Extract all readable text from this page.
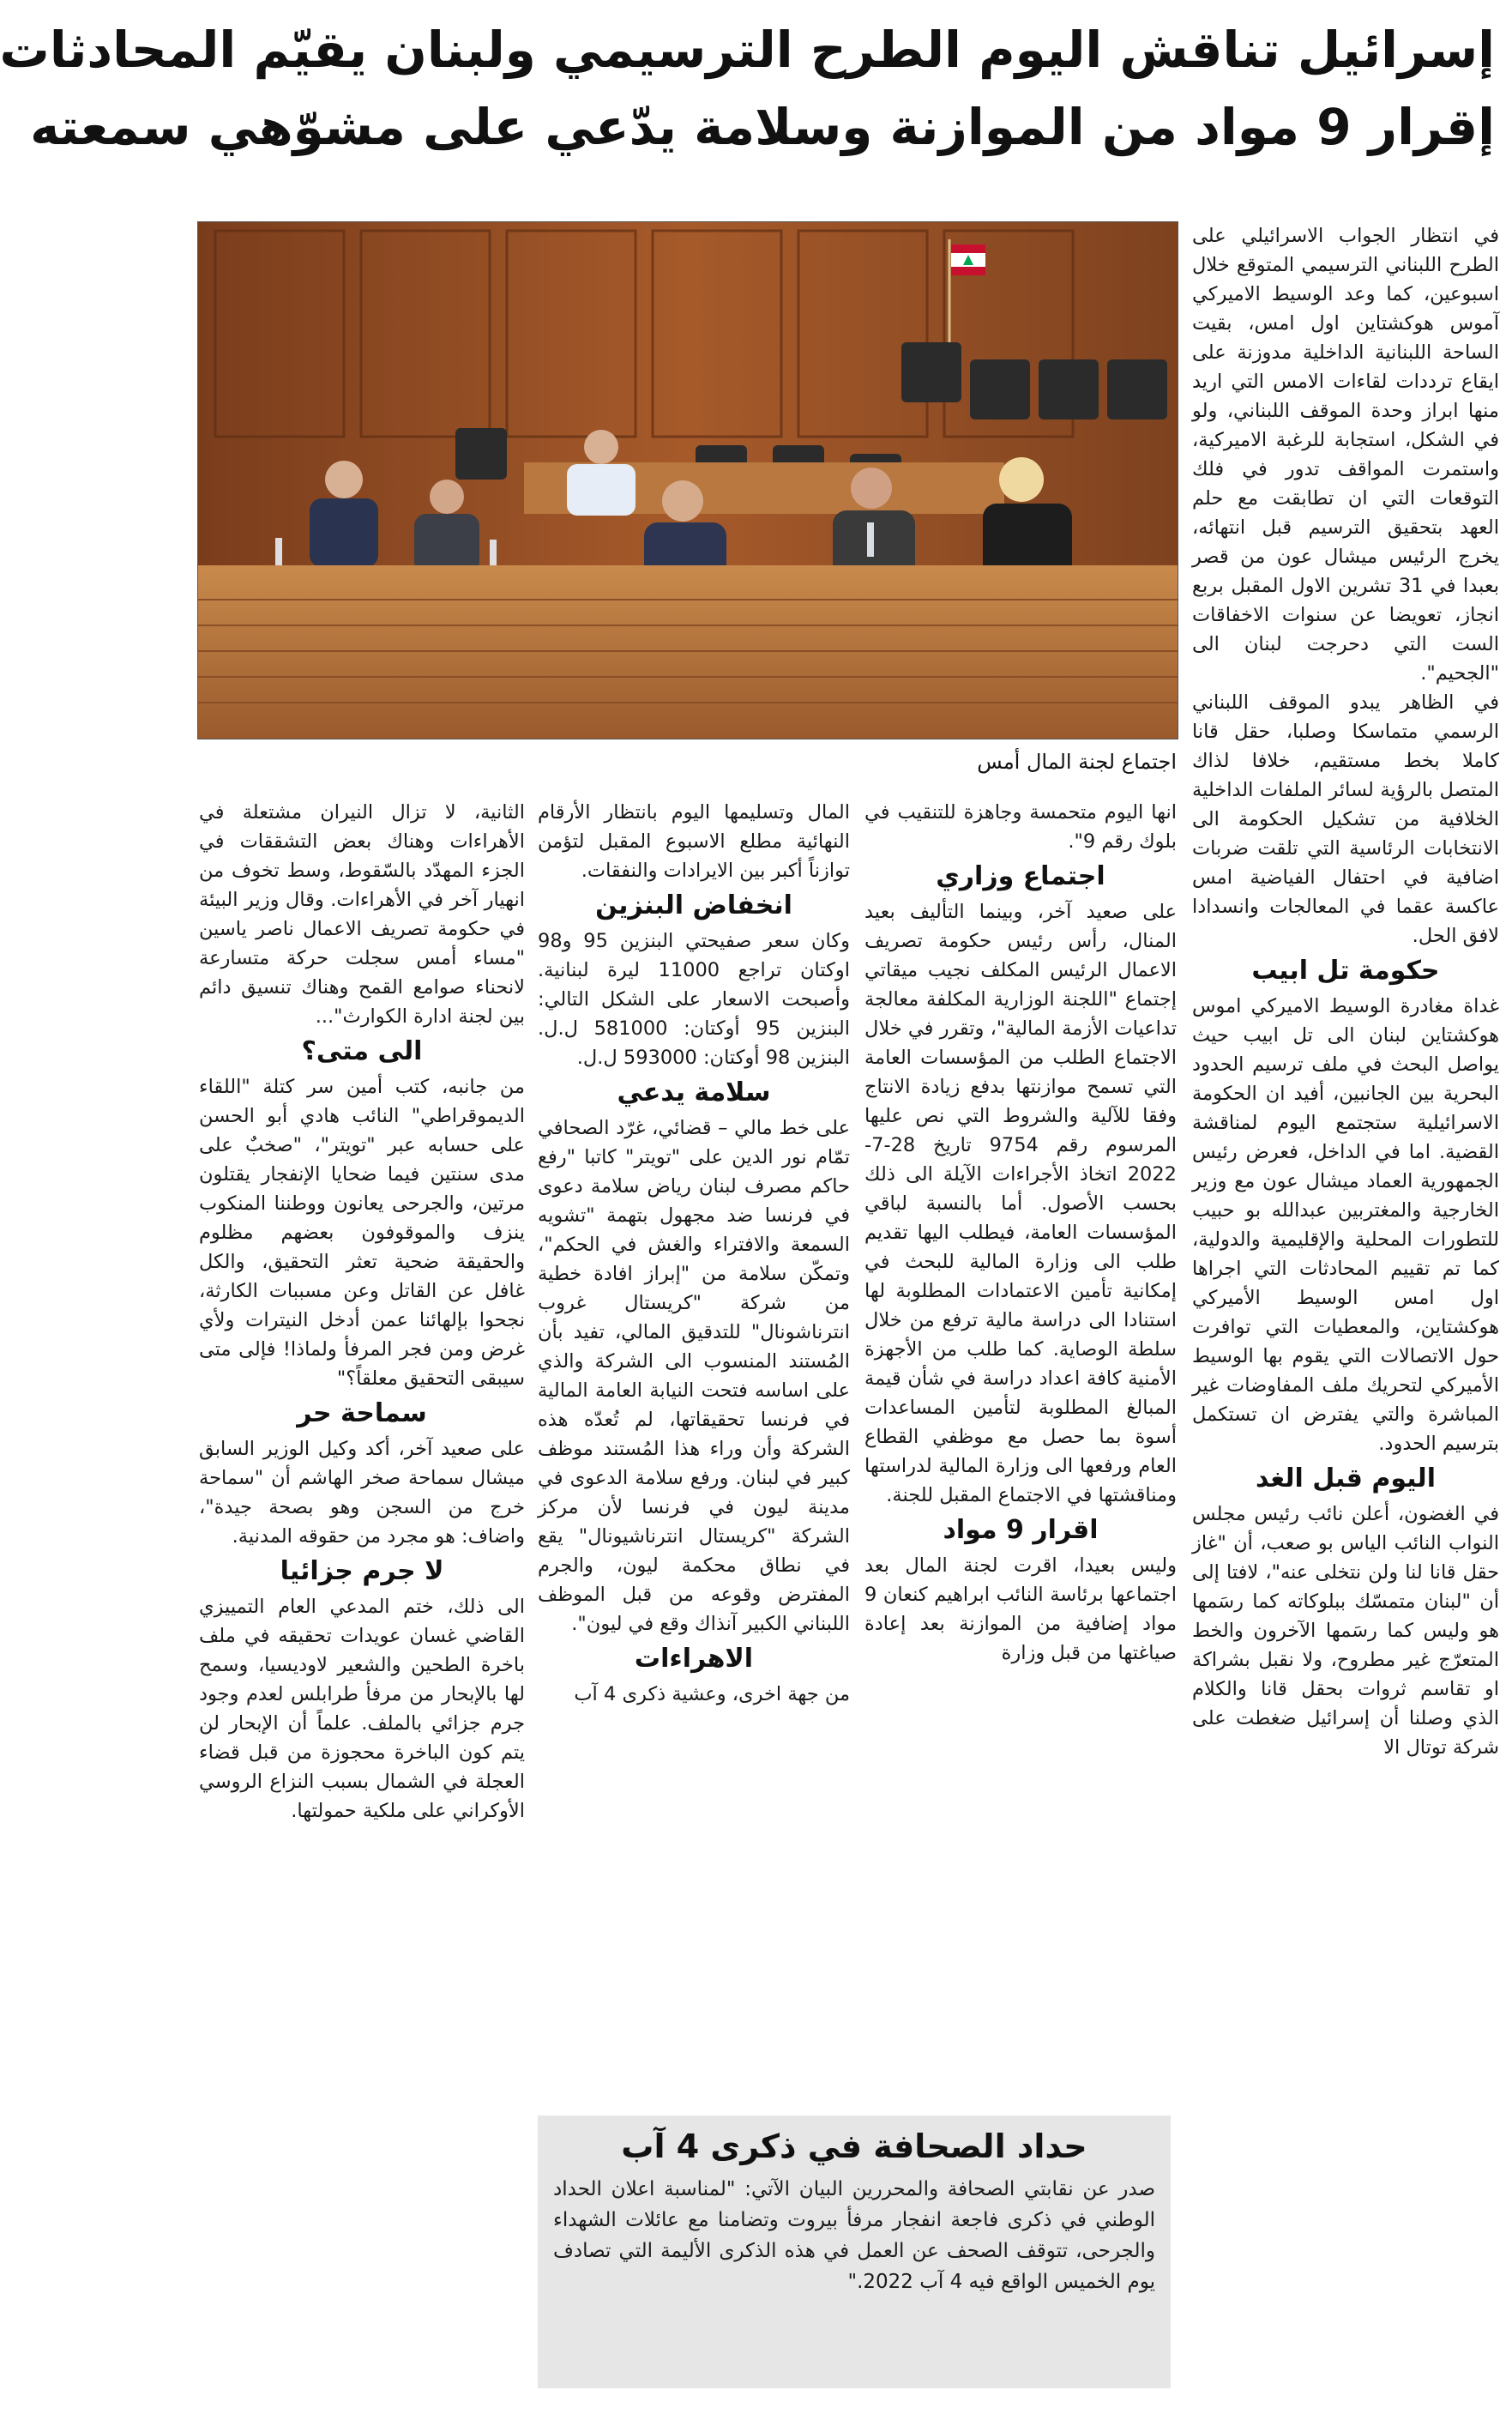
إسرائيل تناقش اليوم الطرح الترسيمي ولبنان يقيّم المحادثات
إقرار 9 مواد من الموازنة وسلامة يدّعي على مشوّهي سمعته
اجتماع لجنة المال أمس

في انتظار الجواب الاسرائيلي على الطرح اللبناني الترسيمي المتوقع خلال اسبوعين، كما وعد الوسيط الاميركي آموس هوكشتاين اول امس، بقيت الساحة اللبنانية الداخلية مدوزنة على ايقاع ترددات لقاءات الامس التي اريد منها ابراز وحدة الموقف اللبناني، ولو في الشكل، استجابة للرغبة الاميركية، واستمرت المواقف تدور في فلك التوقعات التي ان تطابقت مع حلم العهد بتحقيق الترسيم قبل انتهائه، يخرج الرئيس ميشال عون من قصر بعبدا في 31 تشرين الاول المقبل بربع انجاز، تعويضا عن سنوات الاخفاقات الست التي دحرجت لبنان الى "الجحيم".

في الظاهر يبدو الموقف اللبناني الرسمي متماسكا وصلبا، حقل قانا كاملا بخط مستقيم، خلافا لذاك المتصل بالرؤية لسائر الملفات الداخلية الخلافية من تشكيل الحكومة الى الانتخابات الرئاسية التي تلقت ضربات اضافية في احتفال الفياضية امس عاكسة عقما في المعالجات وانسدادا لافق الحل.

حكومة تل ابيب

غداة مغادرة الوسيط الاميركي اموس هوكشتاين لبنان الى تل ابيب حيث يواصل البحث في ملف ترسيم الحدود البحرية بين الجانبين، أفيد ان الحكومة الاسرائيلية ستجتمع اليوم لمناقشة القضية. اما في الداخل، فعرض رئيس الجمهورية العماد ميشال عون مع وزير الخارجية والمغتربين عبدالله بو حبيب للتطورات المحلية والإقليمية والدولية، كما تم تقييم المحادثات التي اجراها اول امس الوسيط الأميركي هوكشتاين، والمعطيات التي توافرت حول الاتصالات التي يقوم بها الوسيط الأميركي لتحريك ملف المفاوضات غير المباشرة والتي يفترض ان تستكمل بترسيم الحدود.

اليوم قبل الغد

في الغضون، أعلن نائب رئيس مجلس النواب النائب الياس بو صعب، أن "غاز حقل قانا لنا ولن نتخلى عنه"، لافتا إلى أن "لبنان متمسّك ببلوكاته كما رسَمها هو وليس كما رسَمها الآخرون والخط المتعرّج غير مطروح، ولا نقبل بشراكة او تقاسم ثروات بحقل قانا والكلام الذي وصلنا أن إسرائيل ضغطت على شركة توتال الا

انها اليوم متحمسة وجاهزة للتنقيب في بلوك رقم 9".

اجتماع وزاري

على صعيد آخر، وبينما التأليف بعيد المنال، رأس رئيس حكومة تصريف الاعمال الرئيس المكلف نجيب ميقاتي إجتماع "اللجنة الوزارية المكلفة معالجة تداعيات الأزمة المالية"، وتقرر في خلال الاجتماع الطلب من المؤسسات العامة التي تسمح موازنتها بدفع زيادة الانتاج وفقا للآلية والشروط التي نص عليها المرسوم رقم 9754 تاريخ 28-7-2022 اتخاذ الأجراءات الآيلة الى ذلك بحسب الأصول. أما بالنسبة لباقي المؤسسات العامة، فيطلب اليها تقديم طلب الى وزارة المالية للبحث في إمكانية تأمين الاعتمادات المطلوبة لها استنادا الى دراسة مالية ترفع من خلال سلطة الوصاية. كما طلب من الأجهزة الأمنية كافة اعداد دراسة في شأن قيمة المبالغ المطلوبة لتأمين المساعدات أسوة بما حصل مع موظفي القطاع العام ورفعها الى وزارة المالية لدراستها ومناقشتها في الاجتماع المقبل للجنة.

اقرار 9 مواد

وليس بعيدا، اقرت لجنة المال بعد اجتماعها برئاسة النائب ابراهيم كنعان 9 مواد إضافية من الموازنة بعد إعادة صياغتها من قبل وزارة

المال وتسليمها اليوم بانتظار الأرقام النهائية مطلع الاسبوع المقبل لتؤمن توازناً أكبر بين الايرادات والنفقات.

انخفاض البنزين

وكان سعر صفيحتي البنزين 95 و98 اوكتان تراجع 11000 ليرة لبنانية. وأصبحت الاسعار على الشكل التالي: البنزين 95 أوكتان: 581000 ل.ل. البنزين 98 أوكتان: 593000 ل.ل.

سلامة يدعي

على خط مالي – قضائي، غرّد الصحافي تمّام نور الدين على "تويتر" كاتبا "رفع حاكم مصرف لبنان رياض سلامة دعوى في فرنسا ضد مجهول بتهمة "تشويه السمعة والافتراء والغش في الحكم"، وتمكّن سلامة من "إبراز افادة خطية من شركة "كريستال غروب انترناشونال" للتدقيق المالي، تفيد بأن المُستند المنسوب الى الشركة والذي على اساسه فتحت النيابة العامة المالية في فرنسا تحقيقاتها، لم تُعدّه هذه الشركة وأن وراء هذا المُستند موظف كبير في لبنان. ورفع سلامة الدعوى في مدينة ليون في فرنسا لأن مركز الشركة "كريستال انترناشيونال" يقع في نطاق محكمة ليون، والجرم المفترض وقوعه من قبل الموظف اللبناني الكبير آنذاك وقع في ليون".

الاهراءات

من جهة اخرى، وعشية ذكرى 4 آب

الثانية، لا تزال النيران مشتعلة في الأهراءات وهناك بعض التشققات في الجزء المهدّد بالسّقوط، وسط تخوف من انهيار آخر في الأهراءات. وقال وزير البيئة في حكومة تصريف الاعمال ناصر ياسين "مساء أمس سجلت حركة متسارعة لانحناء صوامع القمح وهناك تنسيق دائم بين لجنة ادارة الكوارث"...

الى متى؟

من جانبه، كتب أمين سر كتلة "اللقاء الديموقراطي" النائب هادي أبو الحسن على حسابه عبر "تويتر"، "صخبٌ على مدى سنتين فيما ضحايا الإنفجار يقتلون مرتين، والجرحى يعانون ووطننا المنكوب ينزف والموقوفون بعضهم مظلوم والحقيقة ضحية تعثر التحقيق، والكل غافل عن القاتل وعن مسببات الكارثة، نجحوا بإلهائنا عمن أدخل النيترات ولأي غرض ومن فجر المرفأ ولماذا! فإلى متى سيبقى التحقيق معلقاً؟"

سماحة حر

على صعيد آخر، أكد وكيل الوزير السابق ميشال سماحة صخر الهاشم أن "سماحة خرج من السجن وهو بصحة جيدة"، واضاف: هو مجرد من حقوقه المدنية.

لا جرم جزائيا

الى ذلك، ختم المدعي العام التمييزي القاضي غسان عويدات تحقيقه في ملف باخرة الطحين والشعير لاوديسيا، وسمح لها بالإبحار من مرفأ طرابلس لعدم وجود جرم جزائي بالملف. علماً أن الإبحار لن يتم كون الباخرة محجوزة من قبل قضاء العجلة في الشمال بسبب النزاع الروسي الأوكراني على ملكية حمولتها.

حداد الصحافة في ذكرى 4 آب
صدر عن نقابتي الصحافة والمحررين البيان الآتي: "لمناسبة اعلان الحداد الوطني في ذكرى فاجعة انفجار مرفأ بيروت وتضامنا مع عائلات الشهداء والجرحى، تتوقف الصحف عن العمل في هذه الذكرى الأليمة التي تصادف يوم الخميس الواقع فيه 4 آب 2022."
